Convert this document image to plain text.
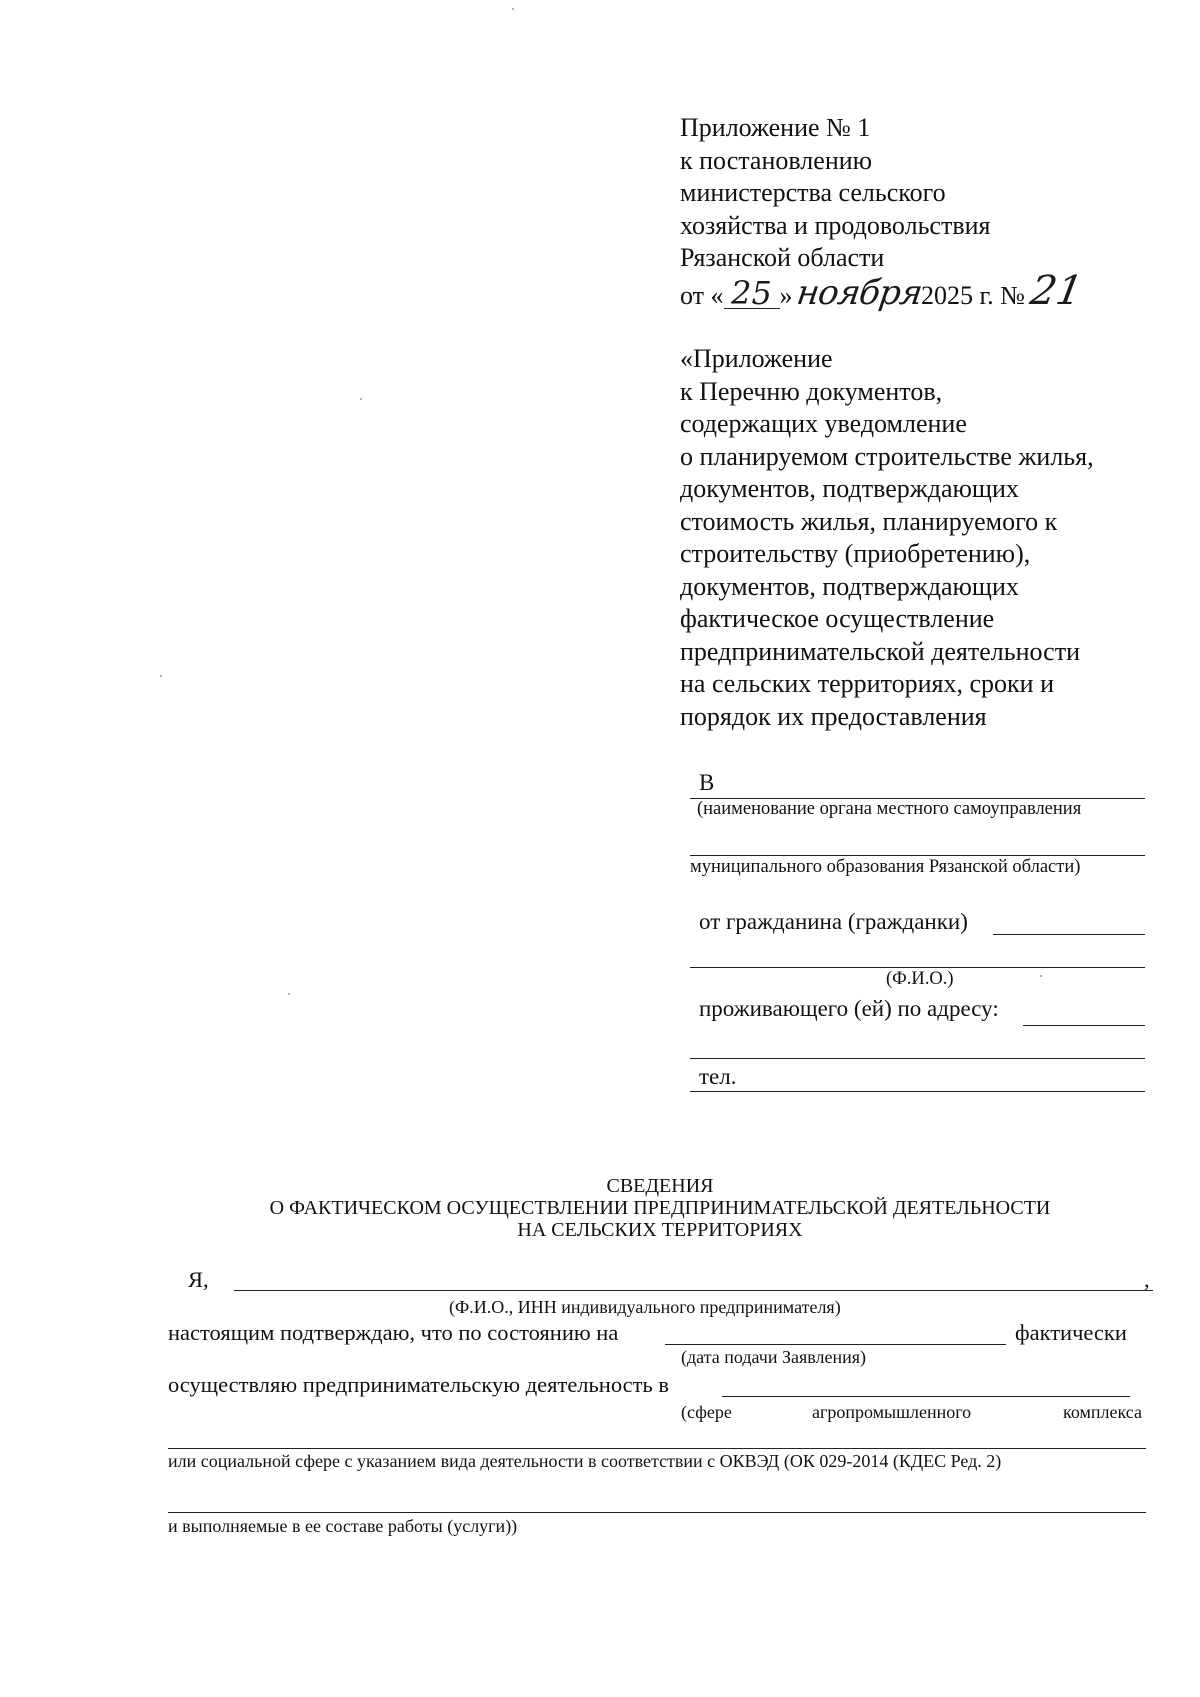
Приложение № 1
к постановлению
министерства сельского
хозяйства и продовольствия
Рязанской области
от « 25 »ноября2025 г. №21
«Приложение
к Перечню документов,
содержащих уведомление
о планируемом строительстве жилья,
документов, подтверждающих
стоимость жилья, планируемого к
строительству (приобретению),
документов, подтверждающих
фактическое осуществление
предпринимательской деятельности
на сельских территориях, сроки и
порядок их предоставления
В
(наименование органа местного самоуправления
муниципального образования Рязанской области)
от гражданина (гражданки)
(Ф.И.О.)
проживающего (ей) по адресу:
тел.
СВЕДЕНИЯ
О ФАКТИЧЕСКОМ ОСУЩЕСТВЛЕНИИ ПРЕДПРИНИМАТЕЛЬСКОЙ ДЕЯТЕЛЬНОСТИ
НА СЕЛЬСКИХ ТЕРРИТОРИЯХ
Я,	,
(Ф.И.О., ИНН индивидуального предпринимателя)
настоящим подтверждаю, что по состоянию на	фактически
(дата подачи Заявления)
осуществляю предпринимательскую деятельность в
(сфере	агропромышленного	комплекса
или социальной сфере с указанием вида деятельности в соответствии с ОКВЭД (ОК 029-2014 (КДЕС Ред. 2)
и выполняемые в ее составе работы (услуги))
